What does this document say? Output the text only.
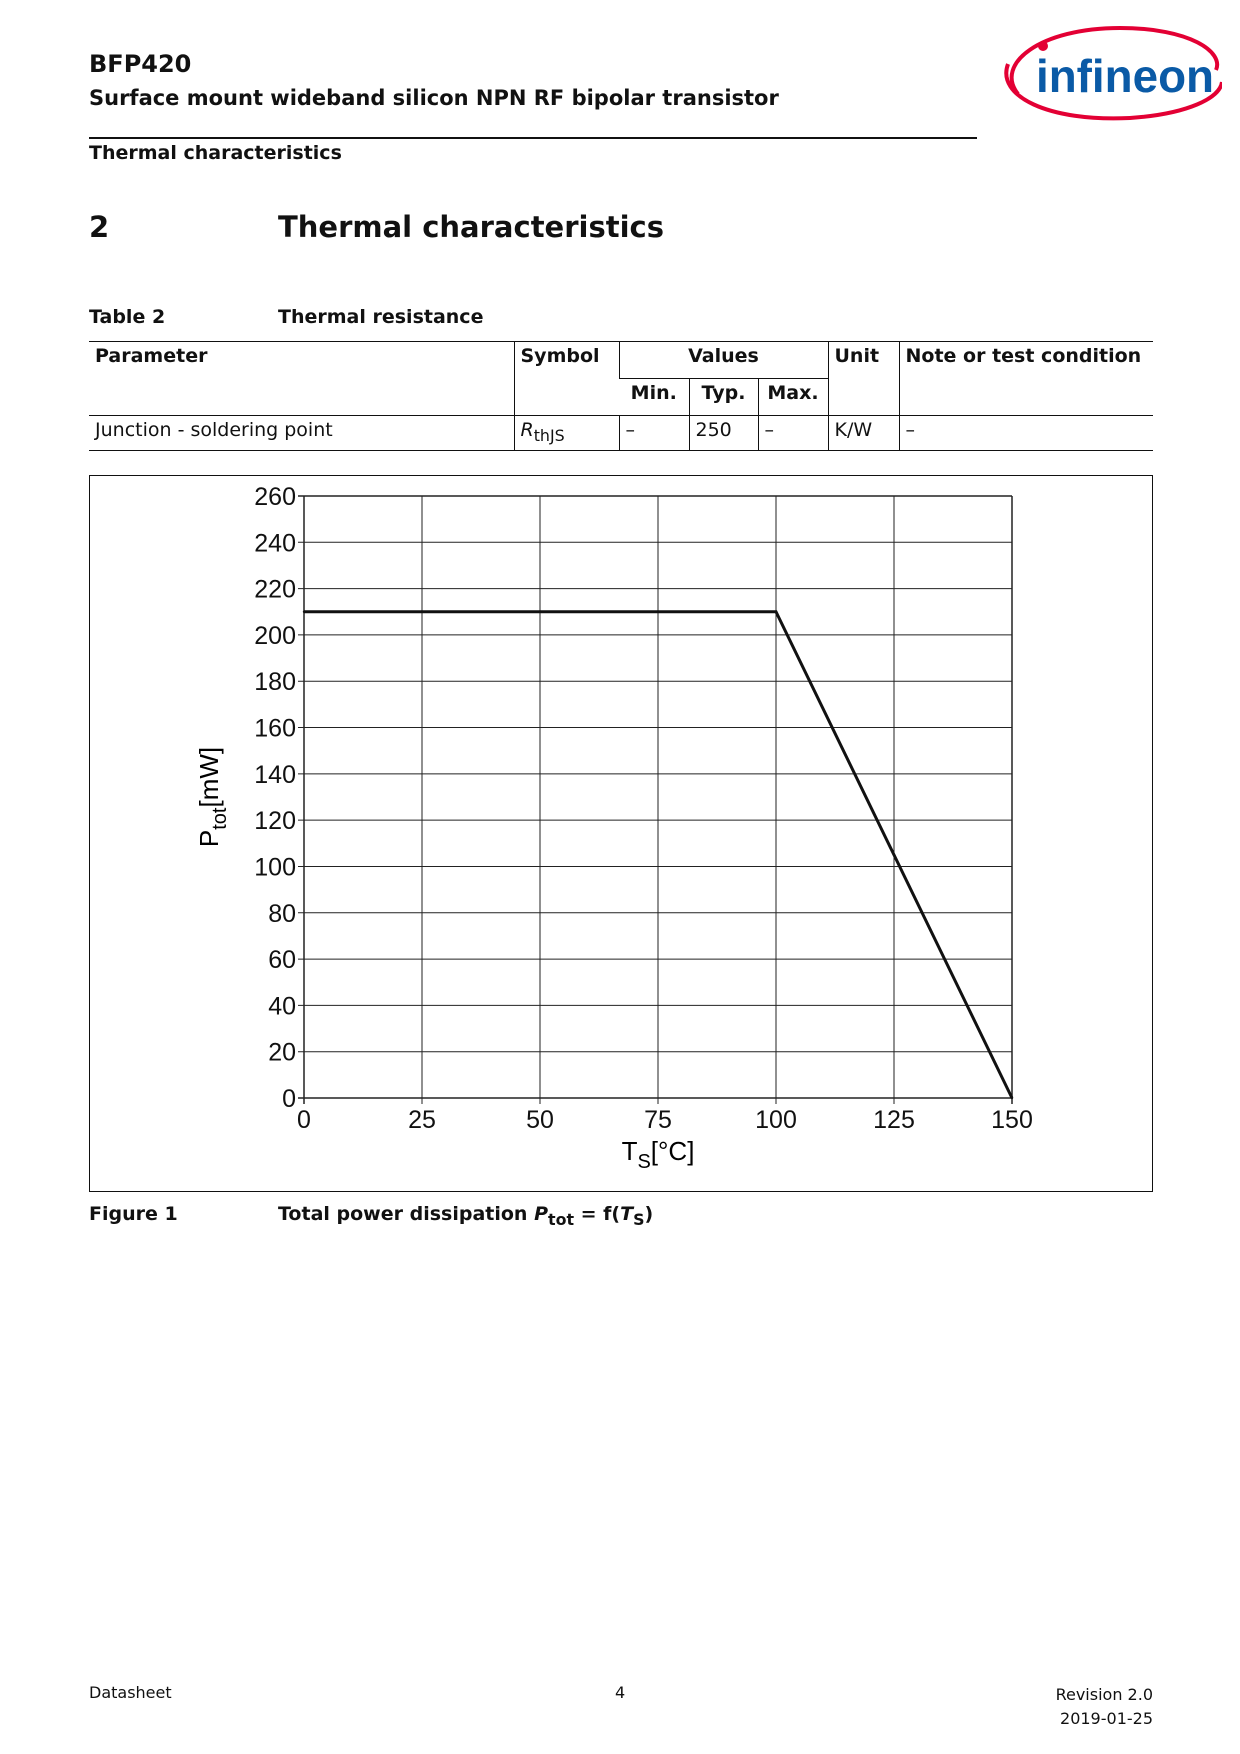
BFP420
Surface mount wideband silicon NPN RF bipolar transistor
Thermal characteristics
infineon
2	Thermal characteristics
Table 2	Thermal resistance
Parameter	Symbol	Values			Unit	Note or test condition
		Min.	Typ.	Max.		
Junction - soldering point	$R_{thJS}$	–	250	–	K/W	–
0
20
40
60
80
100
120
140
160
180
200
220
240
260
0	25	50	75	100	125	150
$T_S[^\circ C]$
$P_{tot}[mW]$
Figure 1	Total power dissipation $P_{tot} = f(T_S)$
Datasheet	4	Revision 2.0
2019-01-25
